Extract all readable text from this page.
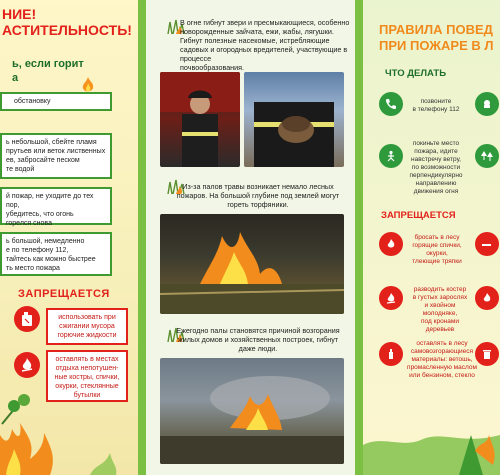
НИЕ!
АСТИТЕЛЬНОСТЬ!
ь, если горит
а
обстановку
ь небольшой, сбейте пламя
прутьев или веток лиственных
ев, забросайте песком
те водой
й пожар, не уходите до тех пор,
убедитесь, что огонь
горелся снова
ь большой, немедленно
е по телефону 112,
тайтесь как можно быстрее
ть место пожара
ЗАПРЕЩАЕТСЯ
использовать при
сжигании мусора
горючие жидкости
оставлять в местах
отдыха непотушен-
ные костры, спички,
окурки, стеклянные
бутылки
В огне гибнут звери и пресмыкающиеся, особенно
новорожденные зайчата, ежи, жабы, лягушки.
Гибнут полезные насекомые, истребляющие
садовых и огородных вредителей, участвующие в процессе
почвообразования.
Из-за палов травы возникает немало лесных
пожаров. На большой глубине под землей могут
гореть торфяники.
Ежегодно палы становятся причиной возгорания
жилых домов и хозяйственных построек, гибнут
даже люди.
ПРАВИЛА ПОВЕД
ПРИ ПОЖАРЕ В Л
ЧТО ДЕЛАТЬ
позвоните
в телефону 112
покиньте место
пожара, идите
навстречу ветру,
по возможности
перпендикулярно
направлению
движения огня
ЗАПРЕЩАЕТСЯ
бросать в лесу
горящие спички,
окурки,
тлеющие тряпки
разводить костер
в густых зарослях
и хвойном
молодняке,
под кронами деревьев
оставлять в лесу
самовозгорающиеся
материалы: ветошь,
промасленную маслом
или бензином, стекло
